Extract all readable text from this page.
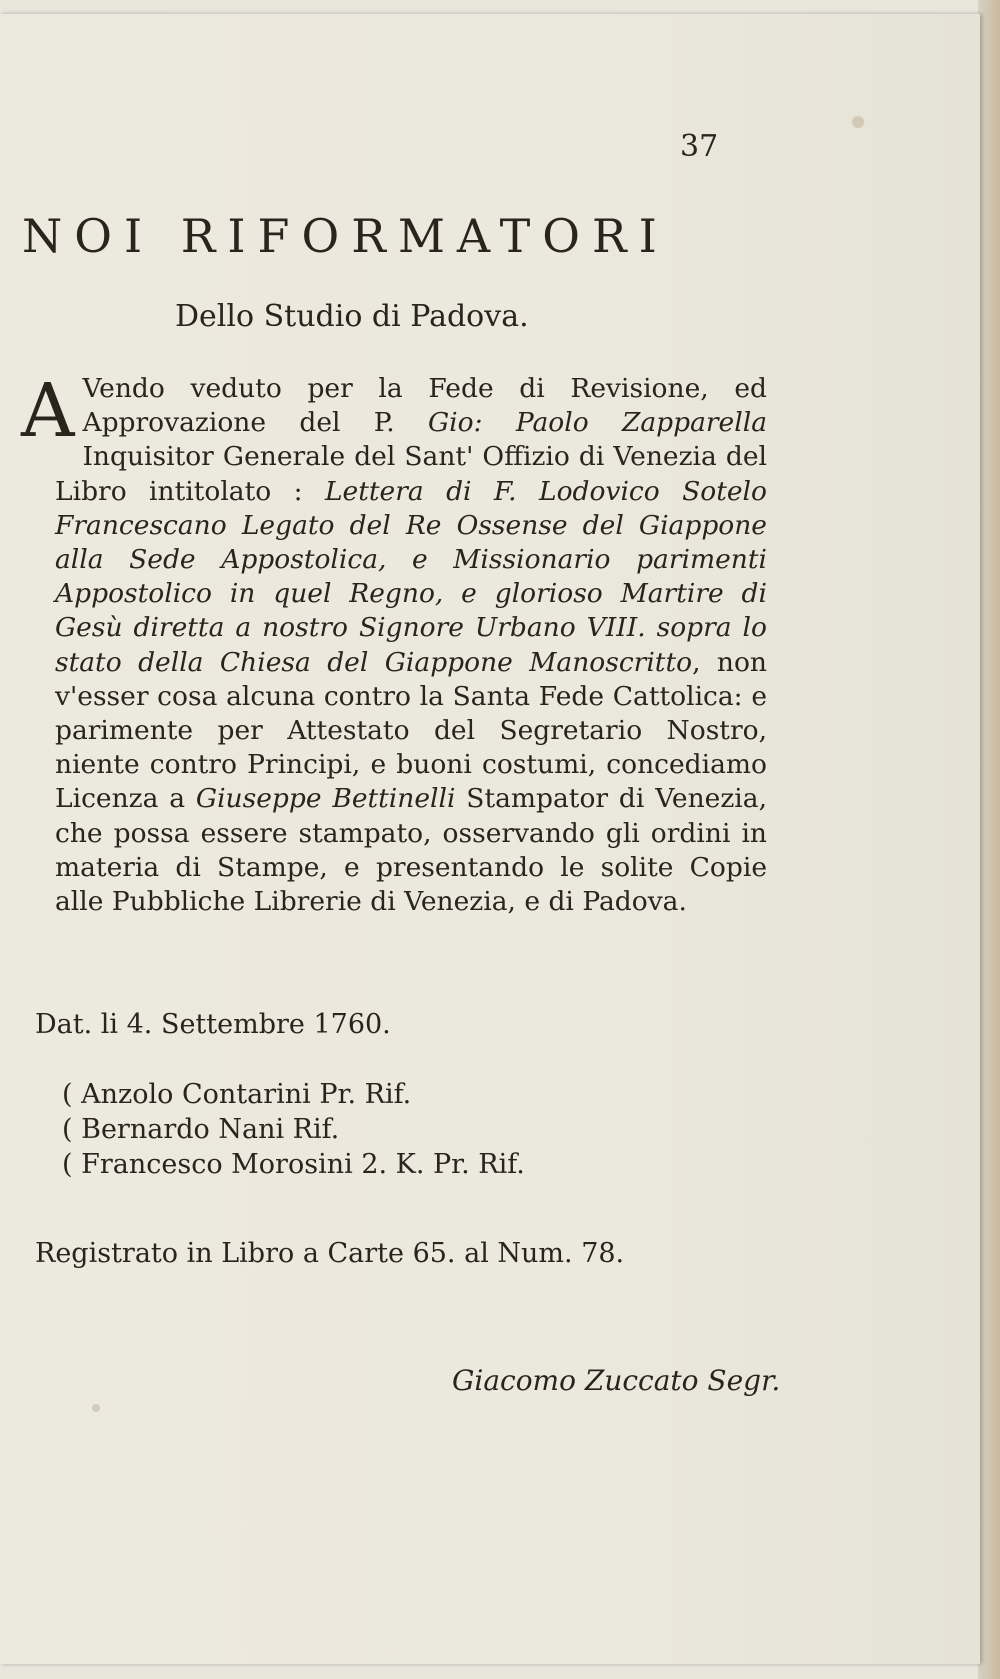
37
NOI RIFORMATORI
Dello Studio di Padova.
A Vendo veduto per la Fede di Revisione, ed Approvazione del P. Gio: Paolo Zapparella Inquisitor Generale del Sant' Offizio di Venezia del Libro intitolato : Lettera di F. Lodovico Sotelo Francescano Legato del Re Ossense del Giappone alla Sede Appostolica, e Missionario parimenti Appostolico in quel Regno, e glorioso Martire di Gesù diretta a nostro Signore Urbano VIII. sopra lo stato della Chiesa del Giappone Manoscritto, non v'esser cosa alcuna contro la Santa Fede Cattolica: e parimente per Attestato del Segretario Nostro, niente contro Principi, e buoni costumi, concediamo Licenza a Giuseppe Bettinelli Stampator di Venezia, che possa essere stampato, osservando gli ordini in materia di Stampe, e presentando le solite Copie alle Pubbliche Librerie di Venezia, e di Padova.
Dat. li 4. Settembre 1760.
( Anzolo Contarini Pr. Rif.
( Bernardo Nani Rif.
( Francesco Morosini 2. K. Pr. Rif.
Registrato in Libro a Carte 65. al Num. 78.
Giacomo Zuccato Segr.
